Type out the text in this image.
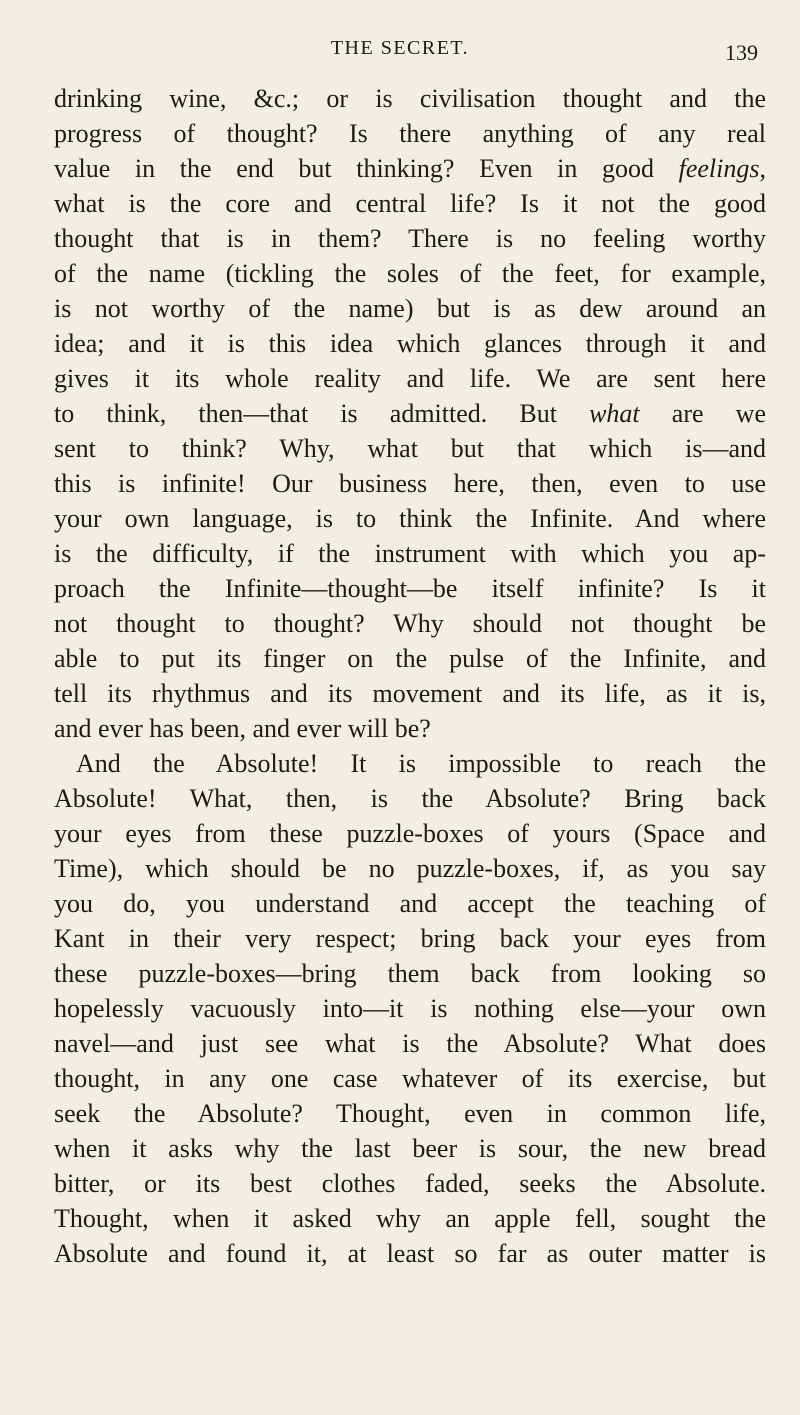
THE SECRET.	139
drinking wine, &c.; or is civilisation thought and the
progress of thought? Is there anything of any real
value in the end but thinking? Even in good feelings,
what is the core and central life? Is it not the good
thought that is in them? There is no feeling worthy
of the name (tickling the soles of the feet, for example,
is not worthy of the name) but is as dew around an
idea; and it is this idea which glances through it and
gives it its whole reality and life. We are sent here
to think, then—that is admitted. But what are we
sent to think? Why, what but that which is—and
this is infinite! Our business here, then, even to use
your own language, is to think the Infinite. And where
is the difficulty, if the instrument with which you ap-
proach the Infinite—thought—be itself infinite? Is it
not thought to thought? Why should not thought be
able to put its finger on the pulse of the Infinite, and
tell its rhythmus and its movement and its life, as it is,
and ever has been, and ever will be?
And the Absolute! It is impossible to reach the
Absolute! What, then, is the Absolute? Bring back
your eyes from these puzzle-boxes of yours (Space and
Time), which should be no puzzle-boxes, if, as you say
you do, you understand and accept the teaching of
Kant in their very respect; bring back your eyes from
these puzzle-boxes—bring them back from looking so
hopelessly vacuously into—it is nothing else—your own
navel—and just see what is the Absolute? What does
thought, in any one case whatever of its exercise, but
seek the Absolute? Thought, even in common life,
when it asks why the last beer is sour, the new bread
bitter, or its best clothes faded, seeks the Absolute.
Thought, when it asked why an apple fell, sought the
Absolute and found it, at least so far as outer matter is
